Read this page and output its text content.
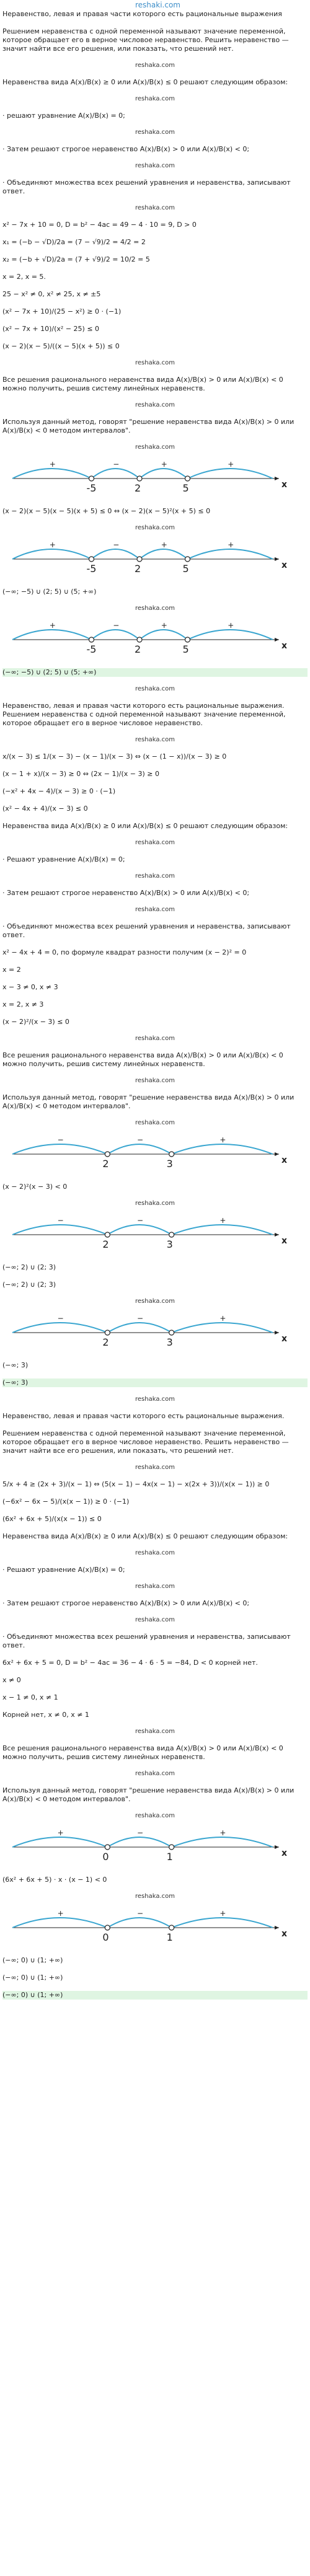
reshaki.com

Неравенство, левая и правая части которого есть рациональные выражения

Решением неравенства с одной переменной называют значение переменной, которое обращает его в верное числовое неравенство. Решить неравенство — значит найти все его решения, или показать, что решений нет.

reshaka.com

Неравенства вида A(x)/B(x) ≥ 0 или A(x)/B(x) ≤ 0 решают следующим образом:

reshaka.com

· решают уравнение A(x)/B(x) = 0;

reshaka.com

· Затем решают строгое неравенство A(x)/B(x) > 0 или A(x)/B(x) < 0;

reshaka.com

· Объединяют множества всех решений уравнения и неравенства, записывают ответ.

reshaka.com

x² − 7x + 10 = 0, D = b² − 4ac = 49 − 4 · 10 = 9, D > 0

x₁ = (−b − √D)/2a = (7 − √9)/2 = 4/2 = 2

x₂ = (−b + √D)/2a = (7 + √9)/2 = 10/2 = 5

x = 2, x = 5.

25 − x² ≠ 0, x² ≠ 25, x ≠ ±5

(x² − 7x + 10)/(25 − x²) ≥ 0 · (−1)

(x² − 7x + 10)/(x² − 25) ≤ 0

(x − 2)(x − 5)/((x − 5)(x + 5)) ≤ 0

reshaka.com

Все решения рационального неравенства вида A(x)/B(x) > 0 или A(x)/B(x) < 0 можно получить, решив систему линейных неравенств.

reshaka.com

Используя данный метод, говорят "решение неравенства вида A(x)/B(x) > 0 или A(x)/B(x) < 0 методом интервалов".

reshaka.com
+	−	+	+
-5	2	5	x

(x − 2)(x − 5)(x − 5)(x + 5) ≤ 0 ⇔ (x − 2)(x − 5)²(x + 5) ≤ 0

reshaka.com
+	−	+	+
-5	2	5	x

(−∞; −5) ∪ (2; 5) ∪ (5; +∞)

reshaka.com
+	−	+	+
-5	2	5	x

(−∞; −5) ∪ (2; 5) ∪ (5; +∞)

reshaka.com

Неравенство, левая и правая части которого есть рациональные выражения. Решением неравенства с одной переменной называют значение переменной, которое обращает его в верное числовое неравенство.

reshaka.com

x/(x − 3) ≤ 1/(x − 3) − (x − 1)/(x − 3) ⇔ (x − (1 − x))/(x − 3) ≥ 0

(x − 1 + x)/(x − 3) ≥ 0 ⇔ (2x − 1)/(x − 3) ≥ 0

(−x² + 4x − 4)/(x − 3) ≥ 0 · (−1)

(x² − 4x + 4)/(x − 3) ≤ 0

Неравенства вида A(x)/B(x) ≥ 0 или A(x)/B(x) ≤ 0 решают следующим образом:

reshaka.com

· Решают уравнение A(x)/B(x) = 0;

reshaka.com

· Затем решают строгое неравенство A(x)/B(x) > 0 или A(x)/B(x) < 0;

reshaka.com

· Объединяют множества всех решений уравнения и неравенства, записывают ответ.

x² − 4x + 4 = 0, по формуле квадрат разности получим (x − 2)² = 0

x = 2

x − 3 ≠ 0, x ≠ 3

x = 2, x ≠ 3

(x − 2)²/(x − 3) ≤ 0

reshaka.com

Все решения рационального неравенства вида A(x)/B(x) > 0 или A(x)/B(x) < 0 можно получить, решив систему линейных неравенств.

reshaka.com

Используя данный метод, говорят "решение неравенства вида A(x)/B(x) > 0 или A(x)/B(x) < 0 методом интервалов".

reshaka.com
−	−	+
2	3	x

(x − 2)²(x − 3) < 0

reshaka.com
−	−	+
2	3	x

(−∞; 2) ∪ (2; 3)

(−∞; 2) ∪ (2; 3)

reshaka.com
−	−	+
2	3	x

(−∞; 3)

(−∞; 3)

reshaka.com

Неравенство, левая и правая части которого есть рациональные выражения.

Решением неравенства с одной переменной называют значение переменной, которое обращает его в верное числовое неравенство. Решить неравенство — значит найти все его решения, или показать, что решений нет.

reshaka.com

5/x + 4 ≥ (2x + 3)/(x − 1) ⇔ (5(x − 1) − 4x(x − 1) − x(2x + 3))/(x(x − 1)) ≥ 0

(−6x² − 6x − 5)/(x(x − 1)) ≥ 0 · (−1)

(6x² + 6x + 5)/(x(x − 1)) ≤ 0

Неравенства вида A(x)/B(x) ≥ 0 или A(x)/B(x) ≤ 0 решают следующим образом:

reshaka.com

· Решают уравнение A(x)/B(x) = 0;

reshaka.com

· Затем решают строгое неравенство A(x)/B(x) > 0 или A(x)/B(x) < 0;

reshaka.com

· Объединяют множества всех решений уравнения и неравенства, записывают ответ.

6x² + 6x + 5 = 0, D = b² − 4ac = 36 − 4 · 6 · 5 = −84, D < 0 корней нет.

x ≠ 0

x − 1 ≠ 0, x ≠ 1

Корней нет, x ≠ 0, x ≠ 1

reshaka.com

Все решения рационального неравенства вида A(x)/B(x) > 0 или A(x)/B(x) < 0 можно получить, решив систему линейных неравенств.

reshaka.com

Используя данный метод, говорят "решение неравенства вида A(x)/B(x) > 0 или A(x)/B(x) < 0 методом интервалов".

reshaka.com
+	−	+
0	1	x

(6x² + 6x + 5) · x · (x − 1) < 0

reshaka.com
+	−	+
0	1	x

(−∞; 0) ∪ (1; +∞)

(−∞; 0) ∪ (1; +∞)

(−∞; 0) ∪ (1; +∞)
